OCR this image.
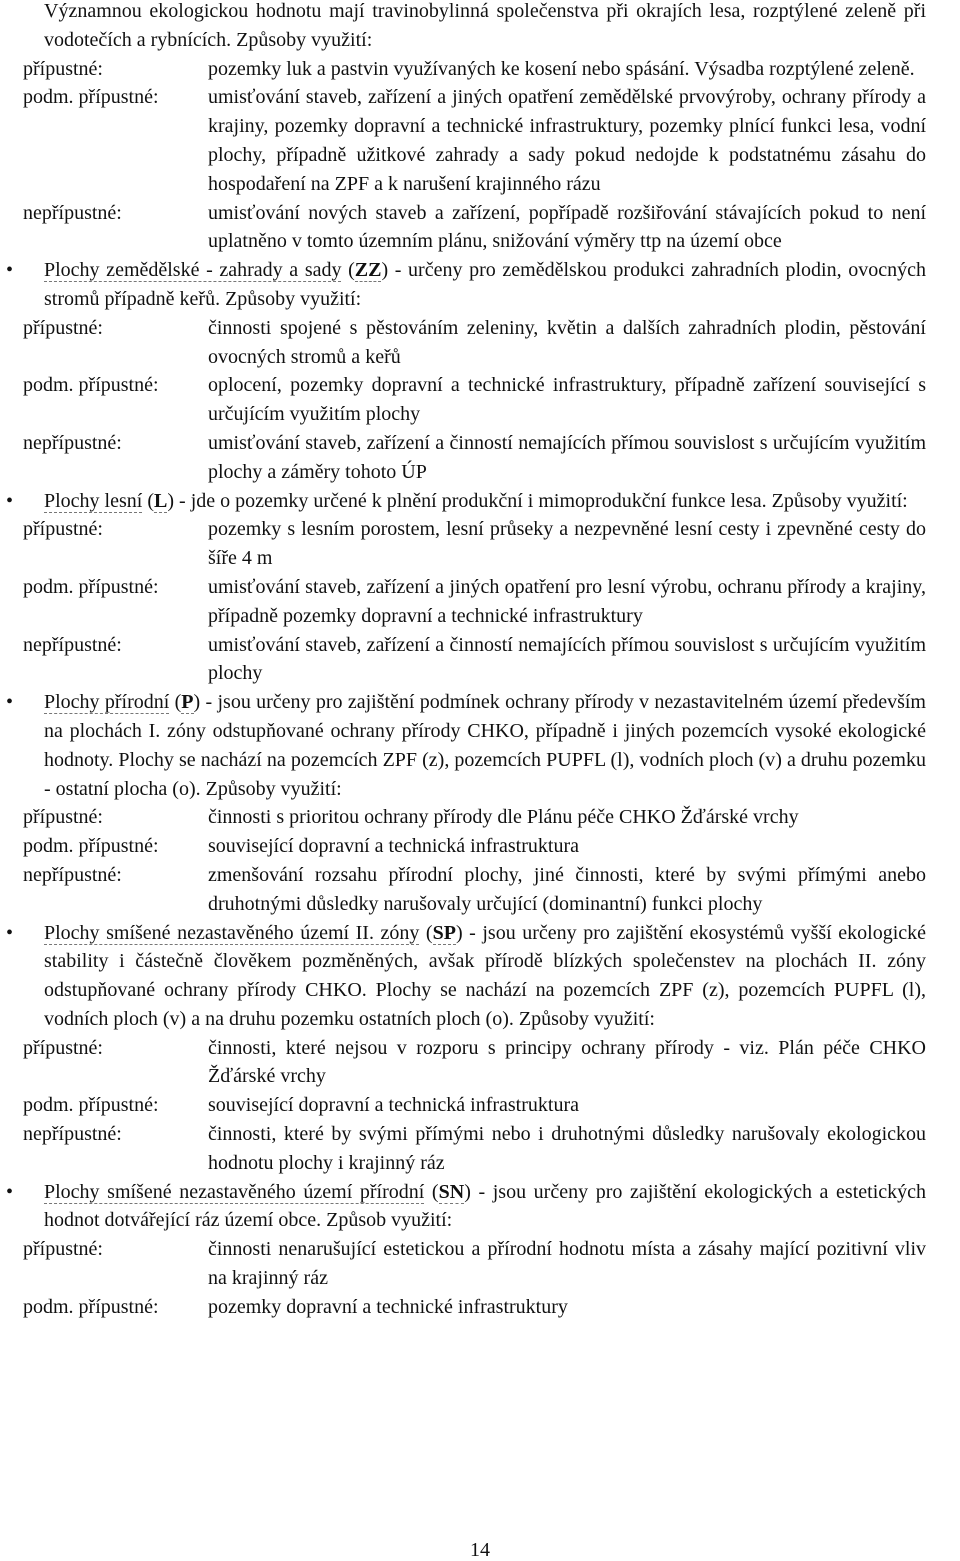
Významnou ekologickou hodnotu mají travinobylinná společenstva při okrajích lesa, rozptýlené zeleně při vodotečích a rybnících. Způsoby využití:

přípustné:	pozemky luk a pastvin využívaných ke kosení nebo spásání. Výsadba rozptýlené zeleně.
podm. přípustné:	umisťování staveb, zařízení a jiných opatření zemědělské prvovýroby, ochrany přírody a krajiny, pozemky dopravní a technické infrastruktury, pozemky plnící funkci lesa, vodní plochy, případně užitkové zahrady a sady pokud nedojde k podstatnému zásahu do hospodaření na ZPF a k narušení krajinného rázu
nepřípustné:	umisťování nových staveb a zařízení, popřípadě rozšiřování stávajících pokud to není uplatněno v tomto územním plánu, snižování výměry ttp na území obce

• Plochy zemědělské - zahrady a sady (ZZ) - určeny pro zemědělskou produkci zahradních plodin, ovocných stromů případně keřů. Způsoby využití:

přípustné:	činnosti spojené s pěstováním zeleniny, květin a dalších zahradních plodin, pěstování ovocných stromů a keřů
podm. přípustné:	oplocení, pozemky dopravní a technické infrastruktury, případně zařízení související s určujícím využitím plochy
nepřípustné:	umisťování staveb, zařízení a činností nemajících přímou souvislost s určujícím využitím plochy a záměry tohoto ÚP

• Plochy lesní (L) - jde o pozemky určené k plnění produkční i mimoprodukční funkce lesa. Způsoby využití:

přípustné:	pozemky s lesním porostem, lesní průseky a nezpevněné lesní cesty i zpevněné cesty do šíře 4 m
podm. přípustné:	umisťování staveb, zařízení a jiných opatření pro lesní výrobu, ochranu přírody a krajiny, případně pozemky dopravní a technické infrastruktury
nepřípustné:	umisťování staveb, zařízení a činností nemajících přímou souvislost s určujícím využitím plochy

• Plochy přírodní (P) - jsou určeny pro zajištění podmínek ochrany přírody v nezastavitelném území především na plochách I. zóny odstupňované ochrany přírody CHKO, případně i jiných pozemcích vysoké ekologické hodnoty. Plochy se nachází na pozemcích ZPF (z), pozemcích PUPFL (l), vodních ploch (v) a druhu pozemku - ostatní plocha (o). Způsoby využití:

přípustné:	činnosti s prioritou ochrany přírody dle Plánu péče CHKO Žďárské vrchy
podm. přípustné:	související dopravní a technická infrastruktura
nepřípustné:	zmenšování rozsahu přírodní plochy, jiné činnosti, které by svými přímými anebo druhotnými důsledky narušovaly určující (dominantní) funkci plochy

• Plochy smíšené nezastavěného území II. zóny (SP) - jsou určeny pro zajištění ekosystémů vyšší ekologické stability i částečně člověkem pozměněných, avšak přírodě blízkých společenstev na plochách II. zóny odstupňované ochrany přírody CHKO. Plochy se nachází na pozemcích ZPF (z), pozemcích PUPFL (l), vodních ploch (v) a na druhu pozemku ostatních ploch (o). Způsoby využití:

přípustné:	činnosti, které nejsou v rozporu s principy ochrany přírody - viz. Plán péče CHKO Žďárské vrchy
podm. přípustné:	související dopravní a technická infrastruktura
nepřípustné:	činnosti, které by svými přímými nebo i druhotnými důsledky narušovaly ekologickou hodnotu plochy i krajinný ráz

• Plochy smíšené nezastavěného území přírodní (SN) - jsou určeny pro zajištění ekologických a estetických hodnot dotvářející ráz území obce. Způsob využití:

přípustné:	činnosti nenarušující estetickou a přírodní hodnotu místa a zásahy mající pozitivní vliv na krajinný ráz
podm. přípustné:	pozemky dopravní a technické infrastruktury
14
